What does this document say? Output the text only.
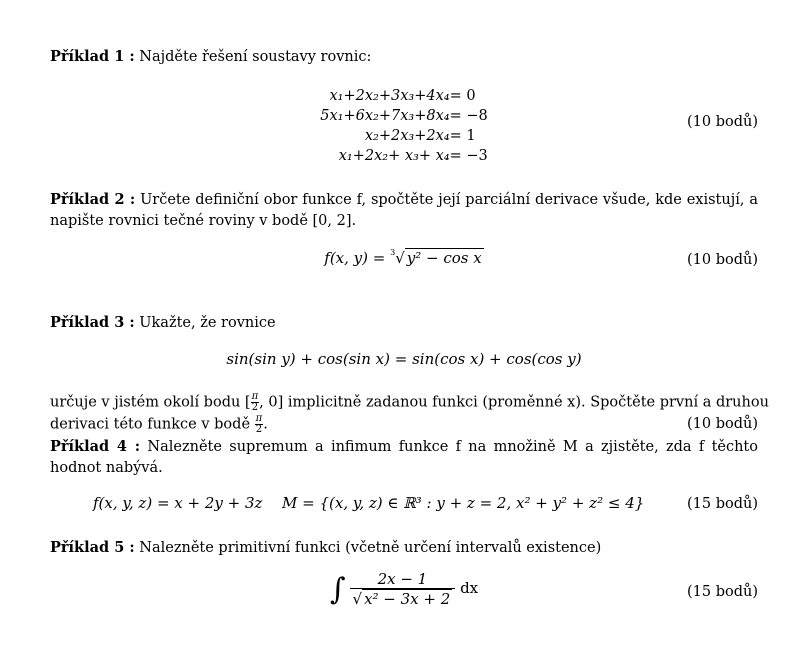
Příklad 1 : Najděte řešení soustavy rovnic:
x₁+2x₂+3x₃+4x₄	= 0
5x₁+6x₂+7x₃+8x₄	= −8
x₂+2x₃+2x₄	= 1
x₁+2x₂+ x₃+ x₄	= −3
(10 bodů)
Příklad 2 : Určete definiční obor funkce f, spočtěte její parciální derivace všude, kde existují, a napište rovnici tečné roviny v bodě [0, 2].
f(x, y) = $^3$√ y² − cos x	(10 bodů)
Příklad 3 : Ukažte, že rovnice
sin(sin y) + cos(sin x) = sin(cos x) + cos(cos y)
určuje v jistém okolí bodu [ $\frac{\pi}{2}$ , 0] implicitně zadanou funkci (proměnné x). Spočtěte první a druhou
derivaci této funkce v bodě $\frac{\pi}{2}$ .	(10 bodů)
Příklad 4 : Nalezněte supremum a infimum funkce f na množině M a zjistěte, zda f těchto hodnot nabývá.
f(x, y, z) = x + 2y + 3z M = {(x, y, z) ∈ ℝ³ : y + z = 2, x² + y² + z² ≤ 4}	(15 bodů)
Příklad 5 : Nalezněte primitivní funkci (včetně určení intervalů existence)
∫ $\frac{2x - 1}{\text{√ x² − 3x + 2}}$ dx	(15 bodů)
